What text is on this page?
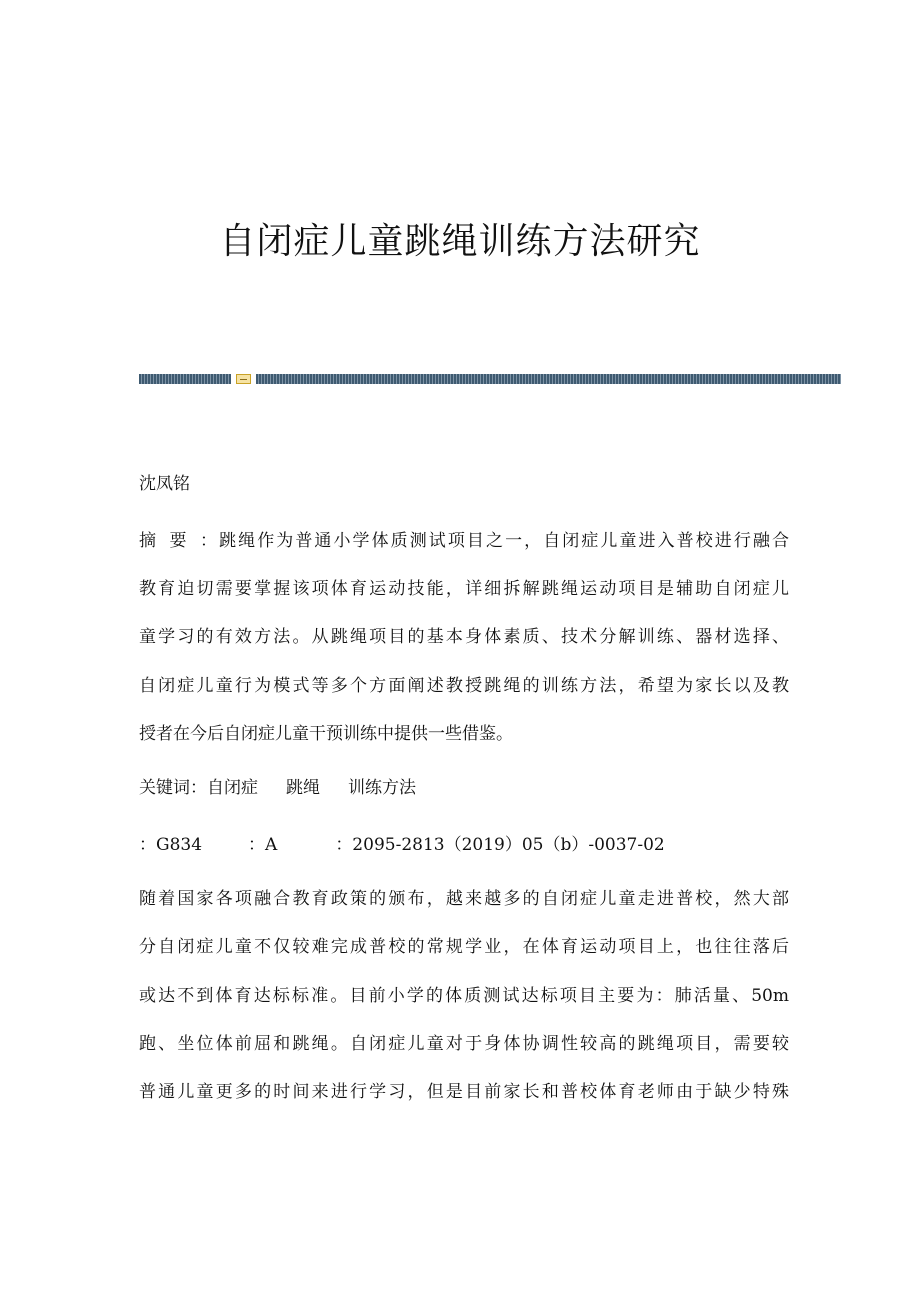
自闭症儿童跳绳训练方法研究

沈凤铭

摘要：跳绳作为普通小学体质测试项目之一，自闭症儿童进入普校进行融合

教育迫切需要掌握该项体育运动技能，详细拆解跳绳运动项目是辅助自闭症儿

童学习的有效方法。从跳绳项目的基本身体素质、技术分解训练、器材选择、

自闭症儿童行为模式等多个方面阐述教授跳绳的训练方法，希望为家长以及教

授者在今后自闭症儿童干预训练中提供一些借鉴。

关键词：自闭症 跳绳 训练方法

：G834	：A	：2095-2813（2019）05（b）-0037-02

随着国家各项融合教育政策的颁布，越来越多的自闭症儿童走进普校，然大部

分自闭症儿童不仅较难完成普校的常规学业，在体育运动项目上，也往往落后

或达不到体育达标标准。目前小学的体质测试达标项目主要为：肺活量、50m

跑、坐位体前屈和跳绳。自闭症儿童对于身体协调性较高的跳绳项目，需要较

普通儿童更多的时间来进行学习，但是目前家长和普校体育老师由于缺少特殊
